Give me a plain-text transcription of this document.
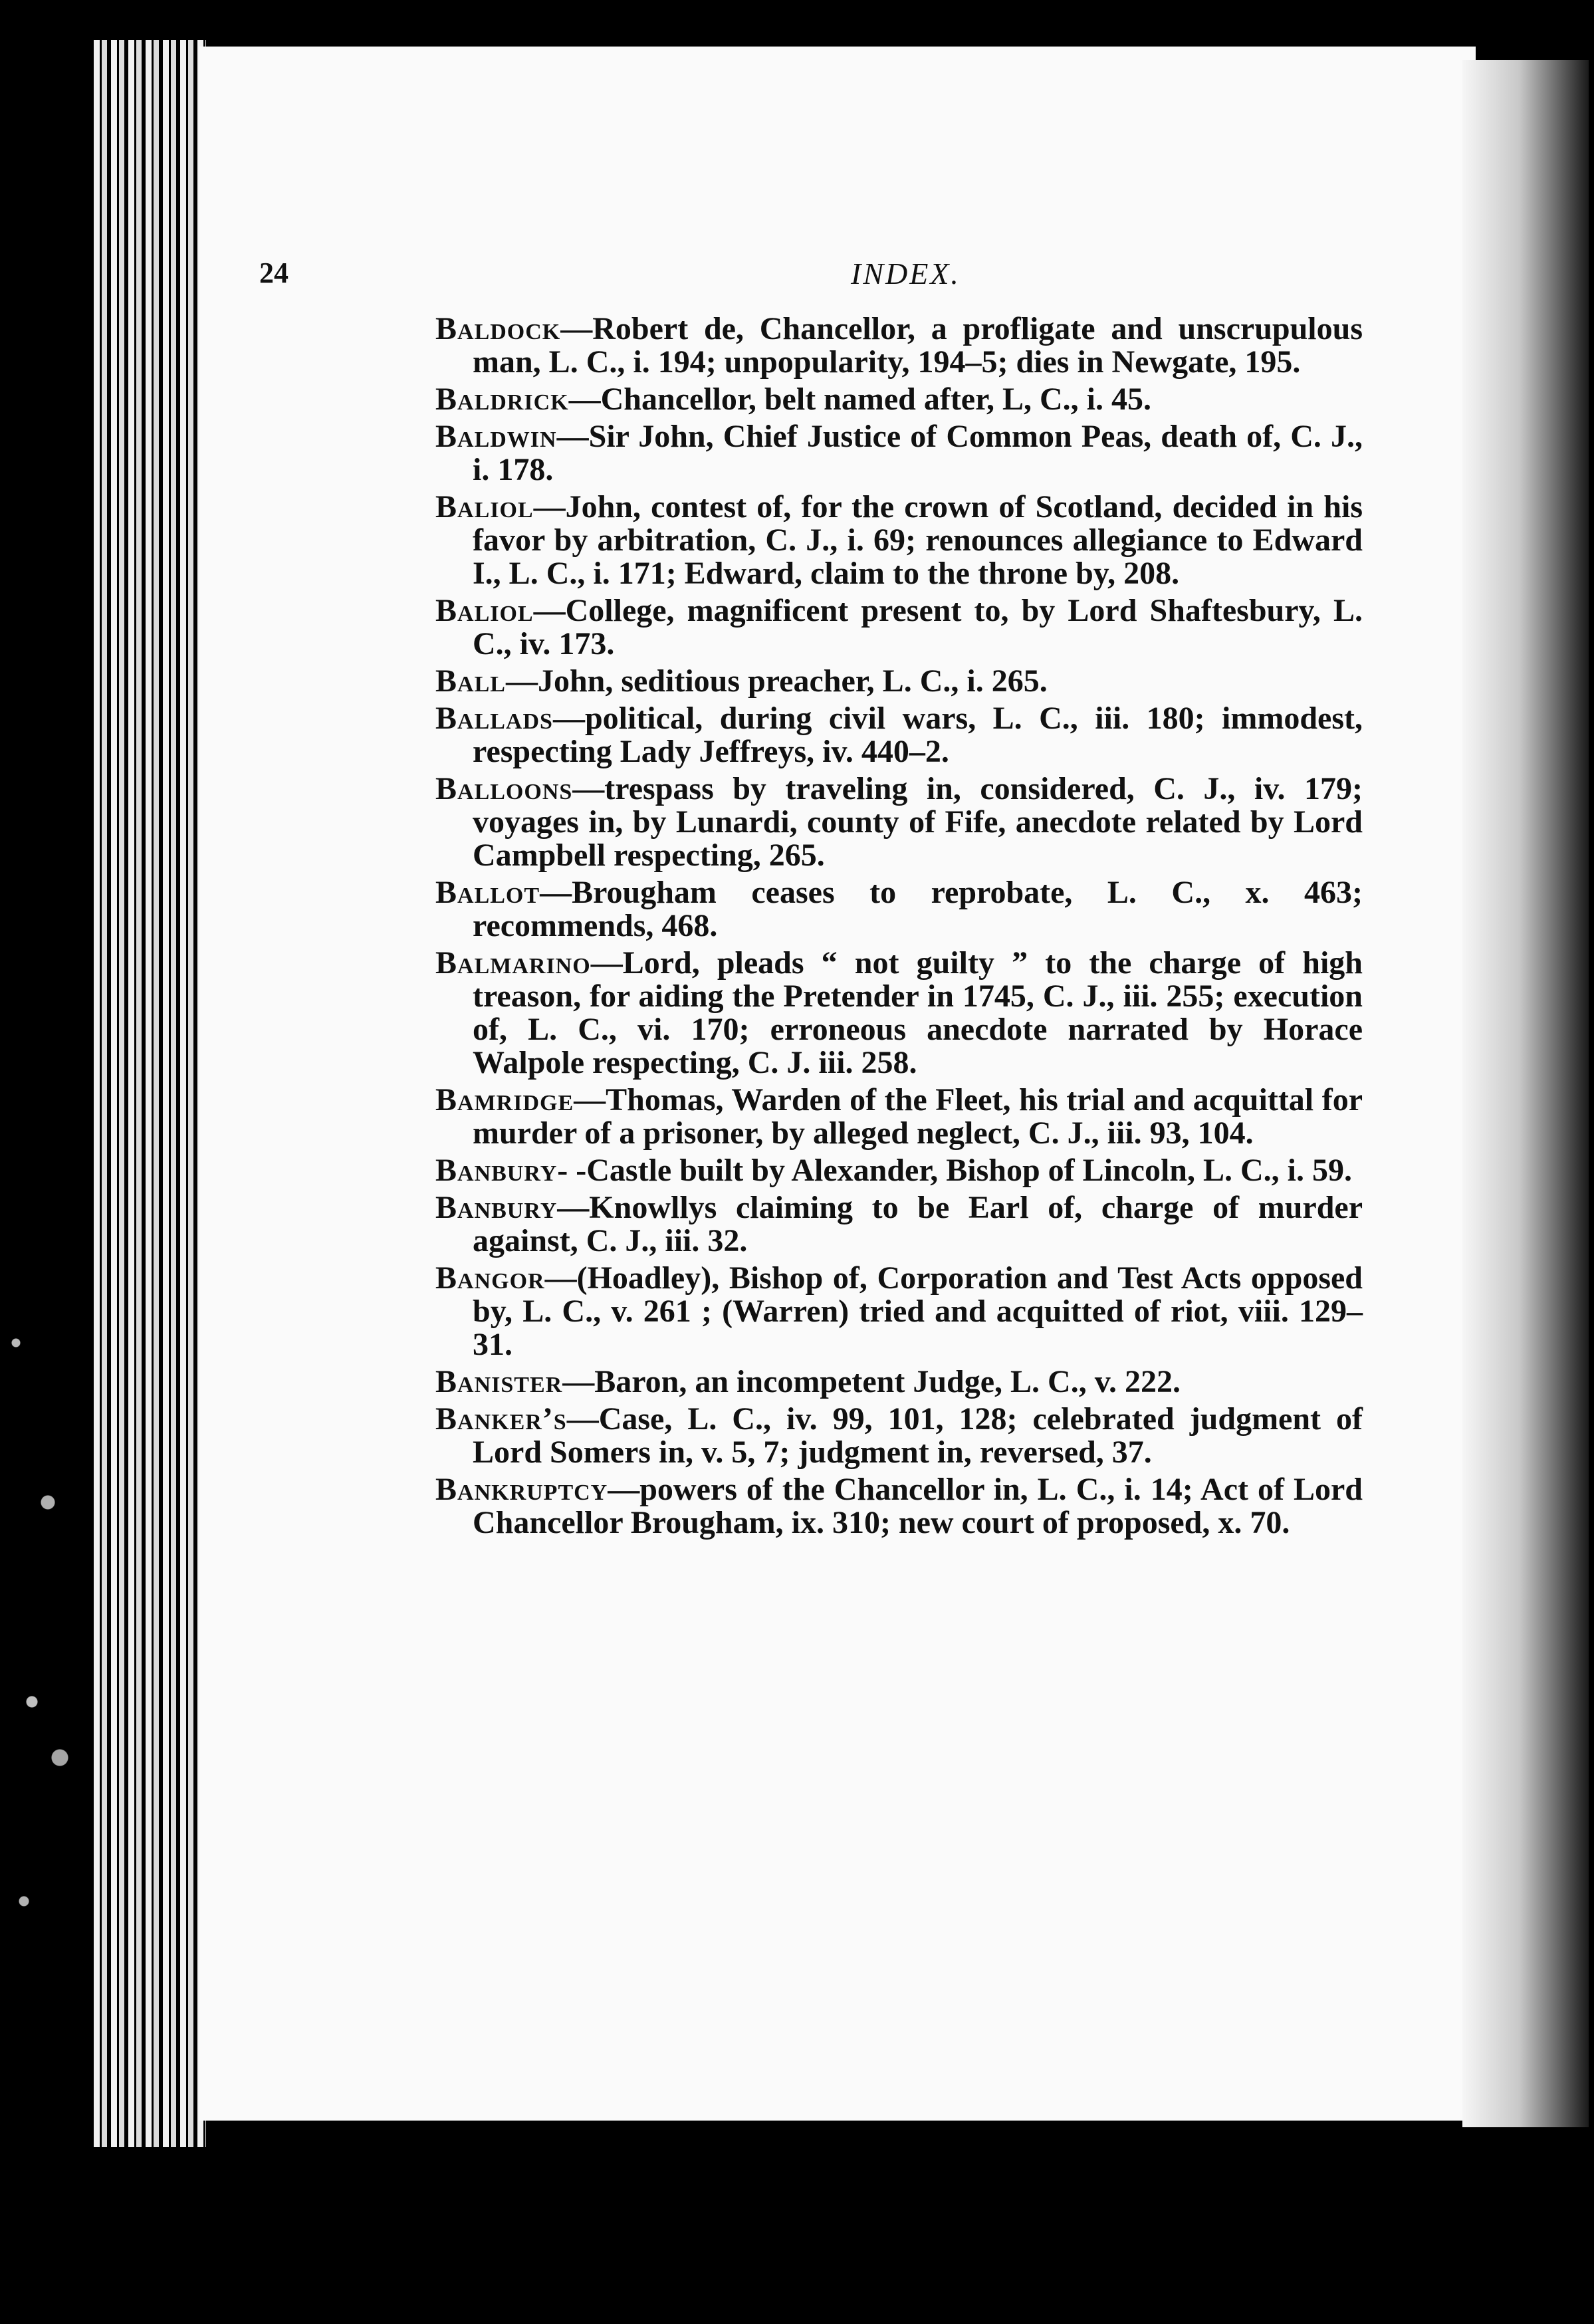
24	INDEX.

Baldock—Robert de, Chancellor, a profligate and unscrupulous man, L. C., i. 194; unpopularity, 194–5; dies in Newgate, 195.

Baldrick—Chancellor, belt named after, L, C., i. 45.

Baldwin—Sir John, Chief Justice of Common Peas, death of, C. J., i. 178.

Baliol—John, contest of, for the crown of Scotland, decided in his favor by arbitration, C. J., i. 69; renounces allegiance to Edward I., L. C., i. 171; Edward, claim to the throne by, 208.

Baliol—College, magnificent present to, by Lord Shaftesbury, L. C., iv. 173.

Ball—John, seditious preacher, L. C., i. 265.

Ballads—political, during civil wars, L. C., iii. 180; immodest, respecting Lady Jeffreys, iv. 440–2.

Balloons—trespass by traveling in, considered, C. J., iv. 179; voyages in, by Lunardi, county of Fife, anecdote related by Lord Campbell respecting, 265.

Ballot—Brougham ceases to reprobate, L. C., x. 463; recommends, 468.

Balmarino—Lord, pleads “ not guilty ” to the charge of high treason, for aiding the Pretender in 1745, C. J., iii. 255; execution of, L. C., vi. 170; erroneous anecdote narrated by Horace Walpole respecting, C. J. iii. 258.

Bamridge—Thomas, Warden of the Fleet, his trial and acquittal for murder of a prisoner, by alleged neglect, C. J., iii. 93, 104.

Banbury- -Castle built by Alexander, Bishop of Lincoln, L. C., i. 59.

Banbury—Knowllys claiming to be Earl of, charge of murder against, C. J., iii. 32.

Bangor—(Hoadley), Bishop of, Corporation and Test Acts opposed by, L. C., v. 261 ; (Warren) tried and acquitted of riot, viii. 129–31.

Banister—Baron, an incompetent Judge, L. C., v. 222.

Banker’s—Case, L. C., iv. 99, 101, 128; celebrated judgment of Lord Somers in, v. 5, 7; judgment in, reversed, 37.

Bankruptcy—powers of the Chancellor in, L. C., i. 14; Act of Lord Chancellor Brougham, ix. 310; new court of proposed, x. 70.
